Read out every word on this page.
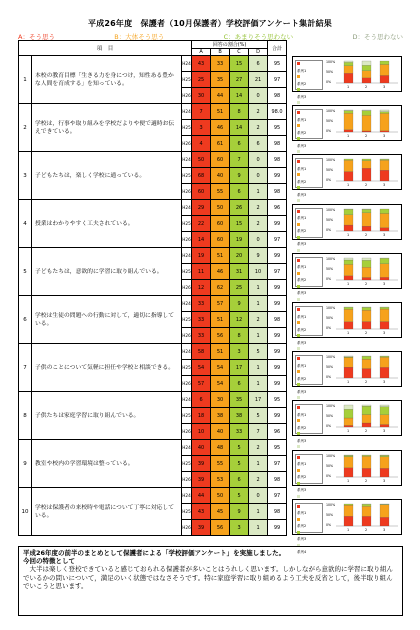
平成26年度　保護者（10月保護者）学校評価アンケート集計結果
A：そう思う	B：大体そう思う	C：あまりそう思わない	D：そう思わない
項　目			回答の割合(%)				合計
			A	B	C	D	
1	本校の教育目標「生きる力を身につけ，知性ある豊かな人間を育成する」を知っている。	H24	43	33	15	6	95
		H25	25	35	27	21	97
		H26	30	44	14	0	98
2	学校は，行事や取り組みを学校だよりや便で適時お伝えできている。	H24	7	51	8	2	98.0
		H25	3	46	14	2	95
		H26	4	61	6	6	98
3	子どもたちは，楽しく学校に通っている。	H24	50	60	7	0	98
		H25	68	40	9	0	99
		H26	60	55	6	1	98
4	授業はわかりやすく工夫されている。	H24	29	50	26	2	96
		H25	22	60	15	2	99
		H26	14	60	19	0	97
5	子どもたちは，意欲的に学習に取り組んでいる。	H24	19	51	20	9	99
		H25	11	46	31	10	97
		H26	12	62	25	1	99
6	学校は生徒の問題への行動に対して，適切に指導している。	H24	33	57	9	1	99
		H25	33	51	12	2	98
		H26	33	56	8	1	99
7	子供のことについて気軽に担任や学校と相談できる。	H24	58	51	3	5	99
		H25	54	54	17	1	99
		H26	57	54	6	1	99
8	子供たちは家庭学習に取り組んでいる。	H24	6	30	35	17	95
		H25	18	38	38	5	99
		H26	10	40	33	7	96
9	教室や校内の学習環境は整っている。	H24	40	48	5	2	95
		H25	39	55	5	1	97
		H26	39	53	6	2	98
10	学校は保護者の来校時や電話について丁寧に対応している。	H24	44	50	5	0	97
		H25	43	45	9	1	98
		H26	39	56	3	1	99
系列1
系列2
系列3
100%
50%
0%
1	2	3
系列1
系列2
系列3
100%
50%
0%
1	2	3
系列1
系列2
系列3
100%
50%
0%
1	2	3
系列1
系列2
系列3
100%
50%
0%
1	2	3
系列1
系列2
系列3
100%
50%
0%
1	2	3
系列1
系列2
系列3
100%
50%
0%
1	2	3
系列1
系列2
系列3
100%
50%
0%
1	2	3
系列1
系列2
系列3
100%
50%
0%
1	2	3
系列1
系列2
系列3
100%
50%
0%
1	2	3
系列1
系列2
系列3
系列4
100%
50%
0%
1	2	3
平成26年度の前半のまとめとして保護者による「学校評価アンケート」を実施しました。
今回の特徴として
　大半は楽しく登校できていると感じておられる保護者が多いことはうれしく思います。しかしながら意欲的に学習に取り組んでいるかの問いについて，満足のいく状態ではなさそうです。特に家庭学習に取り組めるよう工夫を反省として，後半取り組んでいこうと思います。
